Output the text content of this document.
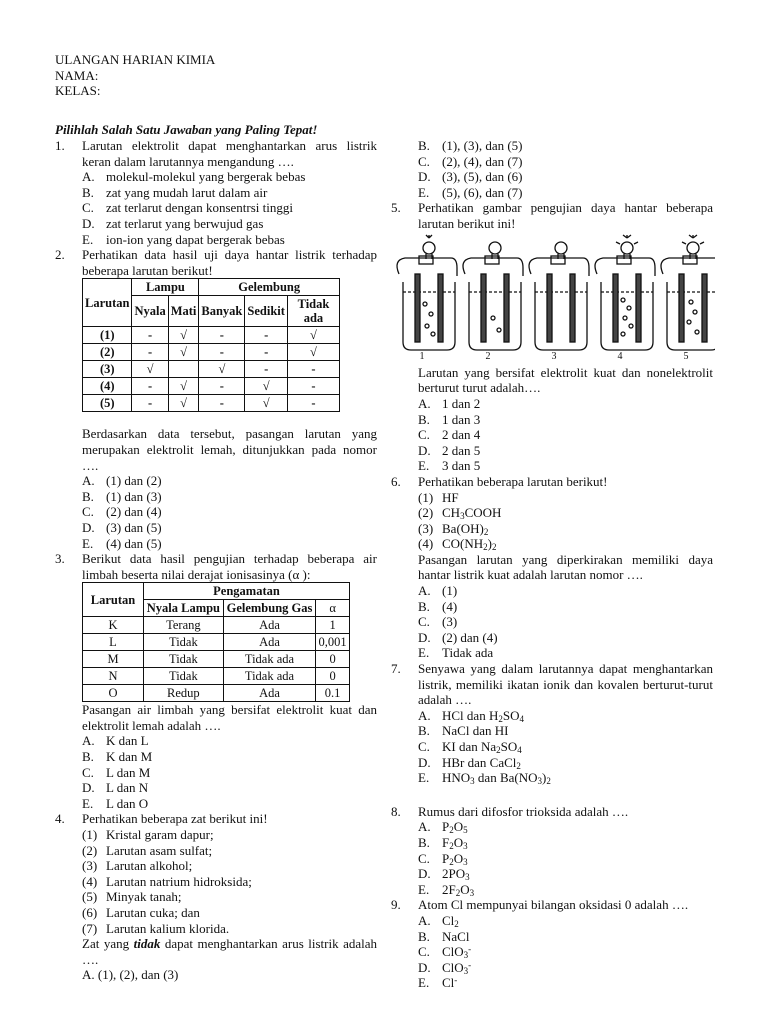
ULANGAN HARIAN KIMIA
NAMA:
KELAS:
Pilihlah Salah Satu Jawaban yang Paling Tepat!
1.	Larutan elektrolit dapat menghantarkan arus listrik keran dalam larutannya mengandung ….
A. molekul-molekul yang bergerak bebas
B. zat yang mudah larut dalam air
C. zat terlarut dengan konsentrsi tinggi
D. zat terlarut yang berwujud gas
E. ion-ion yang dapat bergerak bebas
2.	Perhatikan data hasil uji daya hantar listrik terhadap beberapa larutan berikut!
Larutan	Lampu		Gelembung		
	Nyala	Mati	Banyak	Sedikit	Tidak ada
(1)	-	√	-	-	√
(2)	-	√	-	-	√
(3)	√		√	-	-
(4)	-	√	-	√	-
(5)	-	√	-	√	-
Berdasarkan data tersebut, pasangan larutan yang merupakan elektrolit lemah, ditunjukkan pada nomor ….
A. (1) dan (2)
B. (1) dan (3)
C. (2) dan (4)
D. (3) dan (5)
E. (4) dan (5)
3.	Berikut data hasil pengujian terhadap beberapa air limbah beserta nilai derajat ionisasinya (α ):
Larutan	Pengamatan		
	Nyala Lampu	Gelembung Gas	α
K	Terang	Ada	1
L	Tidak	Ada	0,001
M	Tidak	Tidak ada	0
N	Tidak	Tidak ada	0
O	Redup	Ada	0.1
Pasangan air limbah yang bersifat elektrolit kuat dan elektrolit lemah adalah ….
A. K dan L
B. K dan M
C. L dan M
D. L dan N
E. L dan O
4.	Perhatikan beberapa zat berikut ini!
(1) Kristal garam dapur;
(2) Larutan asam sulfat;
(3) Larutan alkohol;
(4) Larutan natrium hidroksida;
(5) Minyak tanah;
(6) Larutan cuka; dan
(7) Larutan kalium klorida.
Zat yang tidak dapat menghantarkan arus listrik adalah ….
A. (1), (2), dan (3)
B. (1), (3), dan (5)
C. (2), (4), dan (7)
D. (3), (5), dan (6)
E. (5), (6), dan (7)
5.	Perhatikan gambar pengujian daya hantar beberapa larutan berikut ini!
1	2	3	4	5
Larutan yang bersifat elektrolit kuat dan nonelektrolit berturut turut adalah….
A. 1 dan 2
B. 1 dan 3
C. 2 dan 4
D. 2 dan 5
E. 3 dan 5
6.	Perhatikan beberapa larutan berikut!
(1) HF
(2) $CH_3COOH$
(3) $Ba(OH)_2$
(4) $CO(NH_2)_2$
Pasangan larutan yang diperkirakan memiliki daya hantar listrik kuat adalah larutan nomor ….
A. (1)
B. (4)
C. (3)
D. (2) dan (4)
E. Tidak ada
7.	Senyawa yang dalam larutannya dapat menghantarkan listrik, memiliki ikatan ionik dan kovalen berturut-turut adalah ….
A. HCl dan $H_2SO_4$
B. NaCl dan HI
C. KI dan $Na_2SO_4$
D. HBr dan CaCl$_2$
E. $HNO_3$ dan $Ba(NO_3)_2$
8.	Rumus dari difosfor trioksida adalah ….
A. $P_2O_5$
B. $F_2O_3$
C. $P_2O_3$
D. $2PO_3$
E. $2F_2O_3$
9.	Atom Cl mempunyai bilangan oksidasi 0 adalah ….
A. $Cl_2$
B. NaCl
C. ClO$_3$-
D. ClO$_3$-
E. Cl-
